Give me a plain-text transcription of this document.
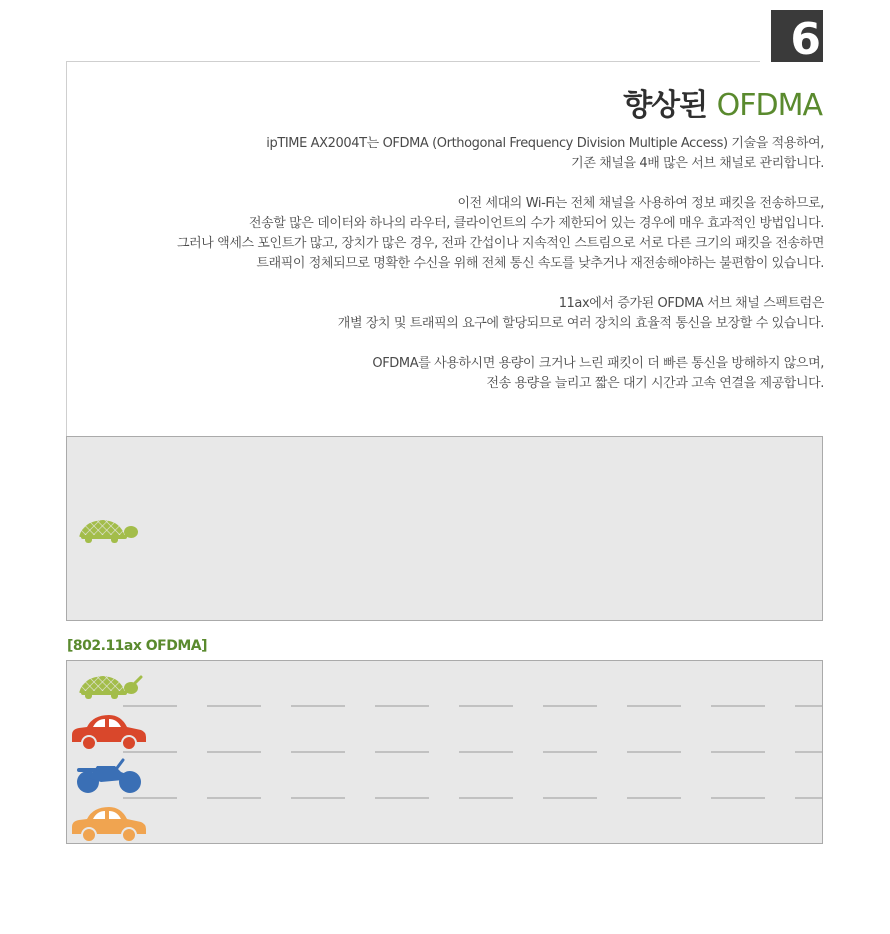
6
향상된 OFDMA

ipTIME AX2004T는 OFDMA (Orthogonal Frequency Division Multiple Access) 기술을 적용하여,
기존 채널을 4배 많은 서브 채널로 관리합니다.

이전 세대의 Wi-Fi는 전체 채널을 사용하여 정보 패킷을 전송하므로,
전송할 많은 데이터와 하나의 라우터, 클라이언트의 수가 제한되어 있는 경우에 매우 효과적인 방법입니다.
그러나 액세스 포인트가 많고, 장치가 많은 경우, 전파 간섭이나 지속적인 스트림으로 서로 다른 크기의 패킷을 전송하면
트래픽이 정체되므로 명확한 수신을 위해 전체 통신 속도를 낮추거나 재전송해야하는 불편함이 있습니다.

11ax에서 증가된 OFDMA 서브 채널 스펙트럼은
개별 장치 및 트래픽의 요구에 할당되므로 여러 장치의 효율적 통신을 보장할 수 있습니다.

OFDMA를 사용하시면 용량이 크거나 느린 패킷이 더 빠른 통신을 방해하지 않으며,
전송 용량을 늘리고 짧은 대기 시간과 고속 연결을 제공합니다.

[802.11ax OFDMA]
